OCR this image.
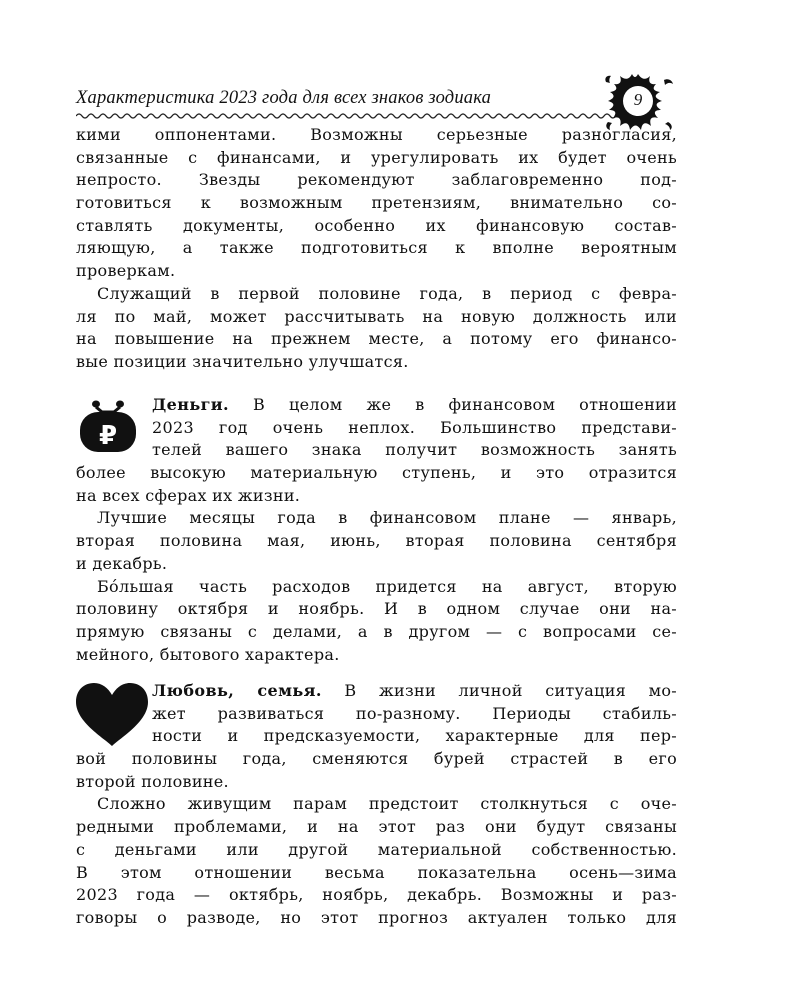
Характеристика 2023 года для всех знаков зодиака	9
кими оппонентами. Возможны серьезные разногласия,
связанные с финансами, и урегулировать их будет очень
непросто. Звезды рекомендуют заблаговременно под-
готовиться к возможным претензиям, внимательно со-
ставлять документы, особенно их финансовую состав-
ляющую, а также подготовиться к вполне вероятным
проверкам.
Служащий в первой половине года, в период с февра-
ля по май, может рассчитывать на новую должность или
на повышение на прежнем месте, а потому его финансо-
вые позиции значительно улучшатся.
₽
Деньги. В целом же в финансовом отношении
2023 год очень неплох. Большинство представи-
телей вашего знака получит возможность занять
более высокую материальную ступень, и это отразится
на всех сферах их жизни.
Лучшие месяцы года в финансовом плане — январь,
вторая половина мая, июнь, вторая половина сентября
и декабрь.
Бóльшая часть расходов придется на август, вторую
половину октября и ноябрь. И в одном случае они на-
прямую связаны с делами, а в другом — с вопросами се-
мейного, бытового характера.
Любовь, семья. В жизни личной ситуация мо-
жет развиваться по-разному. Периоды стабиль-
ности и предсказуемости, характерные для пер-
вой половины года, сменяются бурей страстей в его
второй половине.
Сложно живущим парам предстоит столкнуться с оче-
редными проблемами, и на этот раз они будут связаны
с деньгами или другой материальной собственностью.
В этом отношении весьма показательна осень—зима
2023 года — октябрь, ноябрь, декабрь. Возможны и раз-
говоры о разводе, но этот прогноз актуален только для
